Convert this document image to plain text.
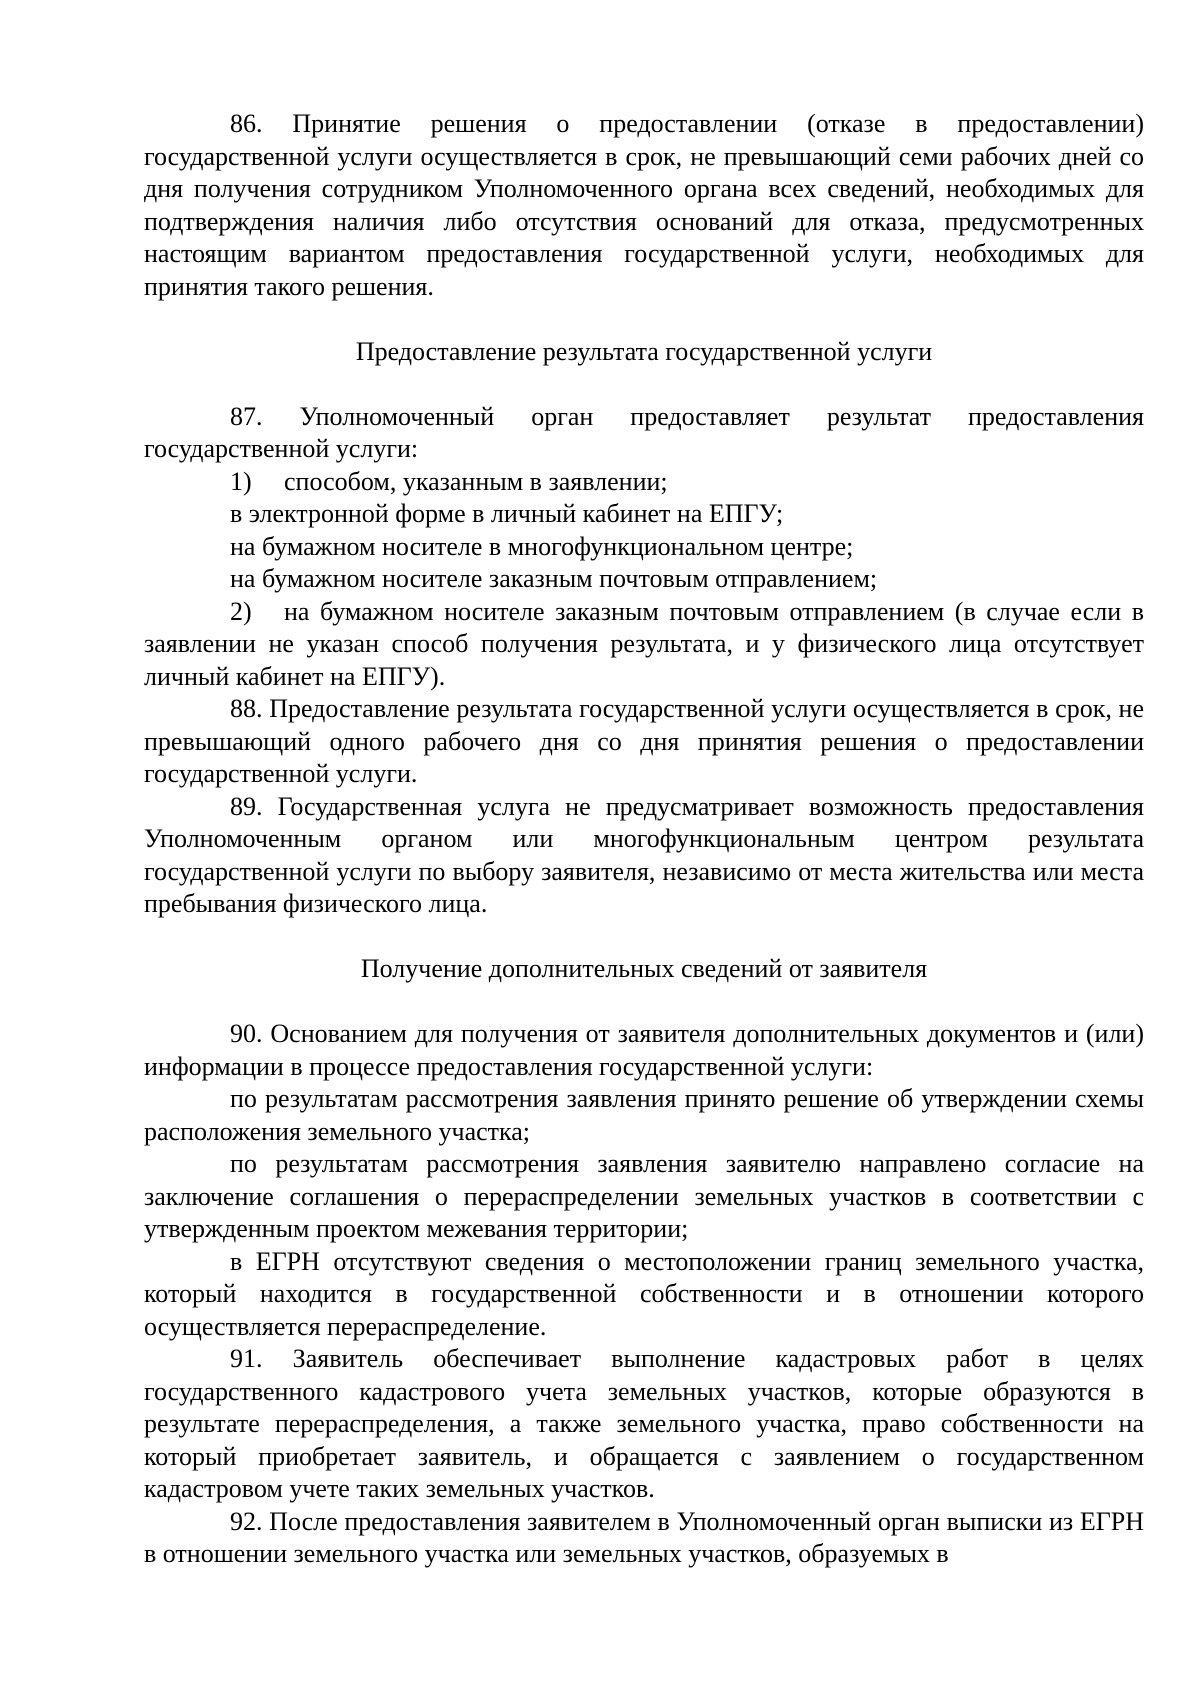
86. Принятие решения о предоставлении (отказе в предоставлении) государственной услуги осуществляется в срок, не превышающий семи рабочих дней со дня получения сотрудником Уполномоченного органа всех сведений, необходимых для подтверждения наличия либо отсутствия оснований для отказа, предусмотренных настоящим вариантом предоставления государственной услуги, необходимых для принятия такого решения.

Предоставление результата государственной услуги

87. Уполномоченный орган предоставляет результат предоставления государственной услуги:

1)	способом, указанным в заявлении;

в электронной форме в личный кабинет на ЕПГУ;

на бумажном носителе в многофункциональном центре;

на бумажном носителе заказным почтовым отправлением;

2) на бумажном носителе заказным почтовым отправлением (в случае если в заявлении не указан способ получения результата, и у физического лица отсутствует личный кабинет на ЕПГУ).

88. Предоставление результата государственной услуги осуществляется в срок, не превышающий одного рабочего дня со дня принятия решения о предоставлении государственной услуги.

89. Государственная услуга не предусматривает возможность предоставления Уполномоченным органом или многофункциональным центром результата государственной услуги по выбору заявителя, независимо от места жительства или места пребывания физического лица.

Получение дополнительных сведений от заявителя

90. Основанием для получения от заявителя дополнительных документов и (или) информации в процессе предоставления государственной услуги:

по результатам рассмотрения заявления принято решение об утверждении схемы расположения земельного участка;

по результатам рассмотрения заявления заявителю направлено согласие на заключение соглашения о перераспределении земельных участков в соответствии с утвержденным проектом межевания территории;

в ЕГРН отсутствуют сведения о местоположении границ земельного участка, который находится в государственной собственности и в отношении которого осуществляется перераспределение.

91. Заявитель обеспечивает выполнение кадастровых работ в целях государственного кадастрового учета земельных участков, которые образуются в результате перераспределения, а также земельного участка, право собственности на который приобретает заявитель, и обращается с заявлением о государственном кадастровом учете таких земельных участков.

92. После предоставления заявителем в Уполномоченный орган выписки из ЕГРН в отношении земельного участка или земельных участков, образуемых в
